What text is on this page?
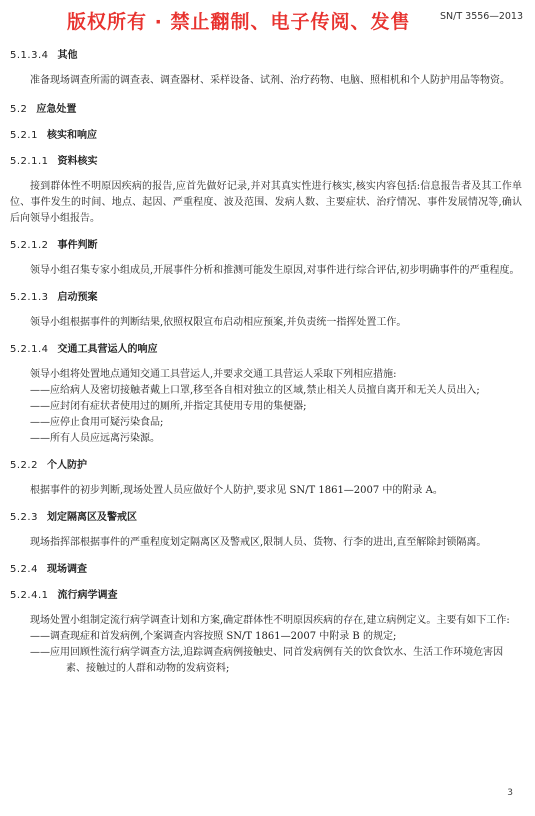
版权所有 · 禁止翻制、电子传阅、发售	SN/T 3556—2013
5.1.3.4 其他

准备现场调查所需的调查表、调查器材、采样设备、试剂、治疗药物、电脑、照相机和个人防护用品等物资。

5.2 应急处置
5.2.1 核实和响应
5.2.1.1 资料核实

接到群体性不明原因疾病的报告,应首先做好记录,并对其真实性进行核实,核实内容包括:信息报告者及其工作单位、事件发生的时间、地点、起因、严重程度、波及范围、发病人数、主要症状、治疗情况、事件发展情况等,确认后向领导小组报告。

5.2.1.2 事件判断

领导小组召集专家小组成员,开展事件分析和推测可能发生原因,对事件进行综合评估,初步明确事件的严重程度。

5.2.1.3 启动预案

领导小组根据事件的判断结果,依照权限宣布启动相应预案,并负责统一指挥处置工作。

5.2.1.4 交通工具营运人的响应

领导小组将处置地点通知交通工具营运人,并要求交通工具营运人采取下列相应措施:

——应给病人及密切接触者戴上口罩,移至各自相对独立的区域,禁止相关人员擅自离开和无关人员出入;

——应封闭有症状者使用过的厕所,并指定其使用专用的集便器;

——应停止食用可疑污染食品;

——所有人员应远离污染源。

5.2.2 个人防护

根据事件的初步判断,现场处置人员应做好个人防护,要求见 SN/T 1861—2007 中的附录 A。

5.2.3 划定隔离区及警戒区

现场指挥部根据事件的严重程度划定隔离区及警戒区,限制人员、货物、行李的进出,直至解除封锁隔离。

5.2.4 现场调查
5.2.4.1 流行病学调查

现场处置小组制定流行病学调查计划和方案,确定群体性不明原因疾病的存在,建立病例定义。主要有如下工作:

——调查现症和首发病例,个案调查内容按照 SN/T 1861—2007 中附录 B 的规定;

——应用回顾性流行病学调查方法,追踪调查病例接触史、同首发病例有关的饮食饮水、生活工作环境危害因素、接触过的人群和动物的发病资料;

3
